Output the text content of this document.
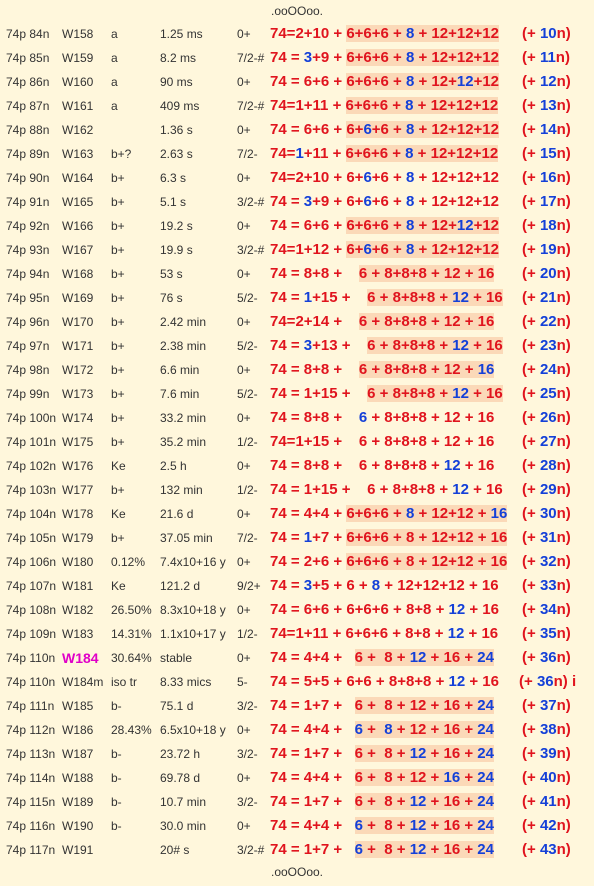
.ooOOoo.
74p 84n W158 a	1.25 ms	0+ 74=2+10 + 6+6+6 + 8 + 12+12+12 (+ 10n)
74p 85n W159 a	8.2 ms	7/2-# 74 = 3+9 + 6+6+6 + 8 + 12+12+12 (+ 11n)
74p 86n W160 a	90 ms	0+ 74 = 6+6 + 6+6+6 + 8 + 12+12+12 (+ 12n)
74p 87n W161 a	409 ms	7/2-# 74=1+11 + 6+6+6 + 8 + 12+12+12 (+ 13n)
74p 88n W162	1.36 s	0+ 74 = 6+6 + 6+6+6 + 8 + 12+12+12 (+ 14n)
74p 89n W163 b+? 2.63 s	7/2- 74=1+11 + 6+6+6 + 8 + 12+12+12 (+ 15n)
74p 90n W164 b+	6.3 s	0+ 74=2+10 + 6+6+6 + 8 + 12+12+12 (+ 16n)
74p 91n W165 b+	5.1 s	3/2-# 74 = 3+9 + 6+6+6 + 8 + 12+12+12 (+ 17n)
74p 92n W166 b+	19.2 s	0+ 74 = 6+6 + 6+6+6 + 8 + 12+12+12 (+ 18n)
74p 93n W167 b+	19.9 s	3/2-# 74=1+12 + 6+6+6 + 8 + 12+12+12 (+ 19n)
74p 94n W168 b+	53 s	0+ 74 = 8+8 +    6 + 8+8+8 + 12 + 16 (+ 20n)
74p 95n W169 b+	76 s	5/2- 74 = 1+15 +    6 + 8+8+8 + 12 + 16 (+ 21n)
74p 96n W170 b+	2.42 min	0+ 74=2+14 +    6 + 8+8+8 + 12 + 16 (+ 22n)
74p 97n W171 b+	2.38 min	5/2- 74 = 3+13 +    6 + 8+8+8 + 12 + 16 (+ 23n)
74p 98n W172 b+	6.6 min	0+ 74 = 8+8 +    6 + 8+8+8 + 12 + 16 (+ 24n)
74p 99n W173 b+	7.6 min	5/2- 74 = 1+15 +    6 + 8+8+8 + 12 + 16 (+ 25n)
74p 100n W174 b+	33.2 min	0+ 74 = 8+8 +    6 + 8+8+8 + 12 + 16 (+ 26n)
74p 101n W175 b+	35.2 min	1/2- 74=1+15 +    6 + 8+8+8 + 12 + 16 (+ 27n)
74p 102n W176 Ke	2.5 h	0+ 74 = 8+8 +    6 + 8+8+8 + 12 + 16 (+ 28n)
74p 103n W177 b+	132 min	1/2- 74 = 1+15 +    6 + 8+8+8 + 12 + 16 (+ 29n)
74p 104n W178 Ke	21.6 d	0+ 74 = 4+4 + 6+6+6 + 8 + 12+12 + 16 (+ 30n)
74p 105n W179 b+	37.05 min 7/2- 74 = 1+7 + 6+6+6 + 8 + 12+12 + 16 (+ 31n)
74p 106n W180 0.12% 7.4x10+16 y 0+ 74 = 2+6 + 6+6+6 + 8 + 12+12 + 16 (+ 32n)
74p 107n W181 Ke	121.2 d	9/2+ 74 = 3+5 + 6 + 8 + 12+12+12 + 16 (+ 33n)
74p 108n W182 26.50% 8.3x10+18 y 0+ 74 = 6+6 + 6+6+6 + 8+8 + 12 + 16 (+ 34n)
74p 109n W183 14.31% 1.1x10+17 y 1/2- 74=1+11 + 6+6+6 + 8+8 + 12 + 16 (+ 35n)
74p 110n W184 30.64% stable	0+ 74 = 4+4 +   6 +  8 + 12 + 16 + 24 (+ 36n)
74p 110n W184m iso tr 8.33 mics 5- 74 = 5+5 + 6+6 + 8+8+8 + 12 + 16 (+ 36n) i
74p 111n W185 b-	75.1 d	3/2- 74 = 1+7 +   6 +  8 + 12 + 16 + 24 (+ 37n)
74p 112n W186 28.43% 6.5x10+18 y 0+ 74 = 4+4 +   6 +  8 + 12 + 16 + 24 (+ 38n)
74p 113n W187 b-	23.72 h	3/2- 74 = 1+7 +   6 +  8 + 12 + 16 + 24 (+ 39n)
74p 114n W188 b-	69.78 d	0+ 74 = 4+4 +   6 +  8 + 12 + 16 + 24 (+ 40n)
74p 115n W189 b-	10.7 min	3/2- 74 = 1+7 +   6 +  8 + 12 + 16 + 24 (+ 41n)
74p 116n W190 b-	30.0 min	0+ 74 = 4+4 +   6 +  8 + 12 + 16 + 24 (+ 42n)
74p 117n W191	20# s	3/2-# 74 = 1+7 +   6 +  8 + 12 + 16 + 24 (+ 43n)
.ooOOoo.
